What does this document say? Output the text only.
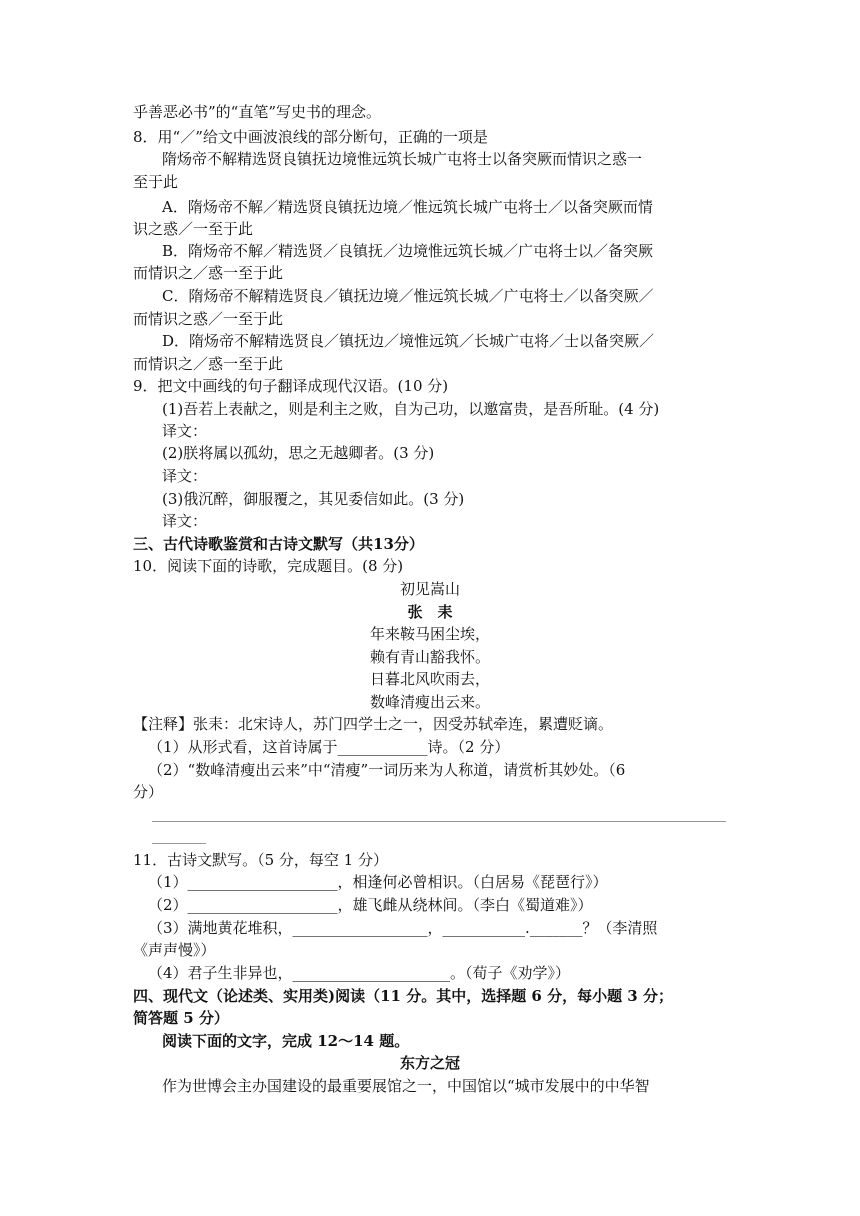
乎善恶必书”的“直笔”写史书的理念。
8．用“／”给文中画波浪线的部分断句，正确的一项是
隋炀帝不解精选贤良镇抚边境惟远筑长城广屯将士以备突厥而情识之惑一
至于此
A．隋炀帝不解／精选贤良镇抚边境／惟远筑长城广屯将士／以备突厥而情
识之惑／一至于此
B．隋炀帝不解／精选贤／良镇抚／边境惟远筑长城／广屯将士以／备突厥
而情识之／惑一至于此
C．隋炀帝不解精选贤良／镇抚边境／惟远筑长城／广屯将士／以备突厥／
而情识之惑／一至于此
D．隋炀帝不解精选贤良／镇抚边／境惟远筑／长城广屯将／士以备突厥／
而情识之／惑一至于此
9．把文中画线的句子翻译成现代汉语。(10 分)
(1)吾若上表献之，则是利主之败，自为己功，以邀富贵，是吾所耻。(4 分)
译文：
(2)朕将属以孤幼，思之无越卿者。(3 分)
译文：
(3)俄沉醉，御服覆之，其见委信如此。(3 分)
译文：
三、古代诗歌鉴赏和古诗文默写（共13分）
10．阅读下面的诗歌，完成题目。(8 分)
初见嵩山
张　耒
年来鞍马困尘埃，
赖有青山豁我怀。
日暮北风吹雨去，
数峰清瘦出云来。
【注释】张耒：北宋诗人，苏门四学士之一，因受苏轼牵连，累遭贬谪。
（1）从形式看，这首诗属于____________诗。（2 分）
（2）“数峰清瘦出云来”中“清瘦”一词历来为人称道，请赏析其妙处。（6
分）
11．古诗文默写。（5 分，每空 1 分）
（1）____________________，相逢何必曾相识。（白居易《琵琶行》）
（2）____________________，雄飞雌从绕林间。（李白《蜀道难》）
（3）满地黄花堆积，__________________，___________._______？（李清照
《声声慢》）
（4）君子生非异也，_____________________。（荀子《劝学》）
四、现代文（论述类、实用类)阅读（11 分。其中，选择题 6 分，每小题 3 分；
简答题 5 分）
阅读下面的文字，完成 12～14 题。
东方之冠
作为世博会主办国建设的最重要展馆之一，中国馆以“城市发展中的中华智
